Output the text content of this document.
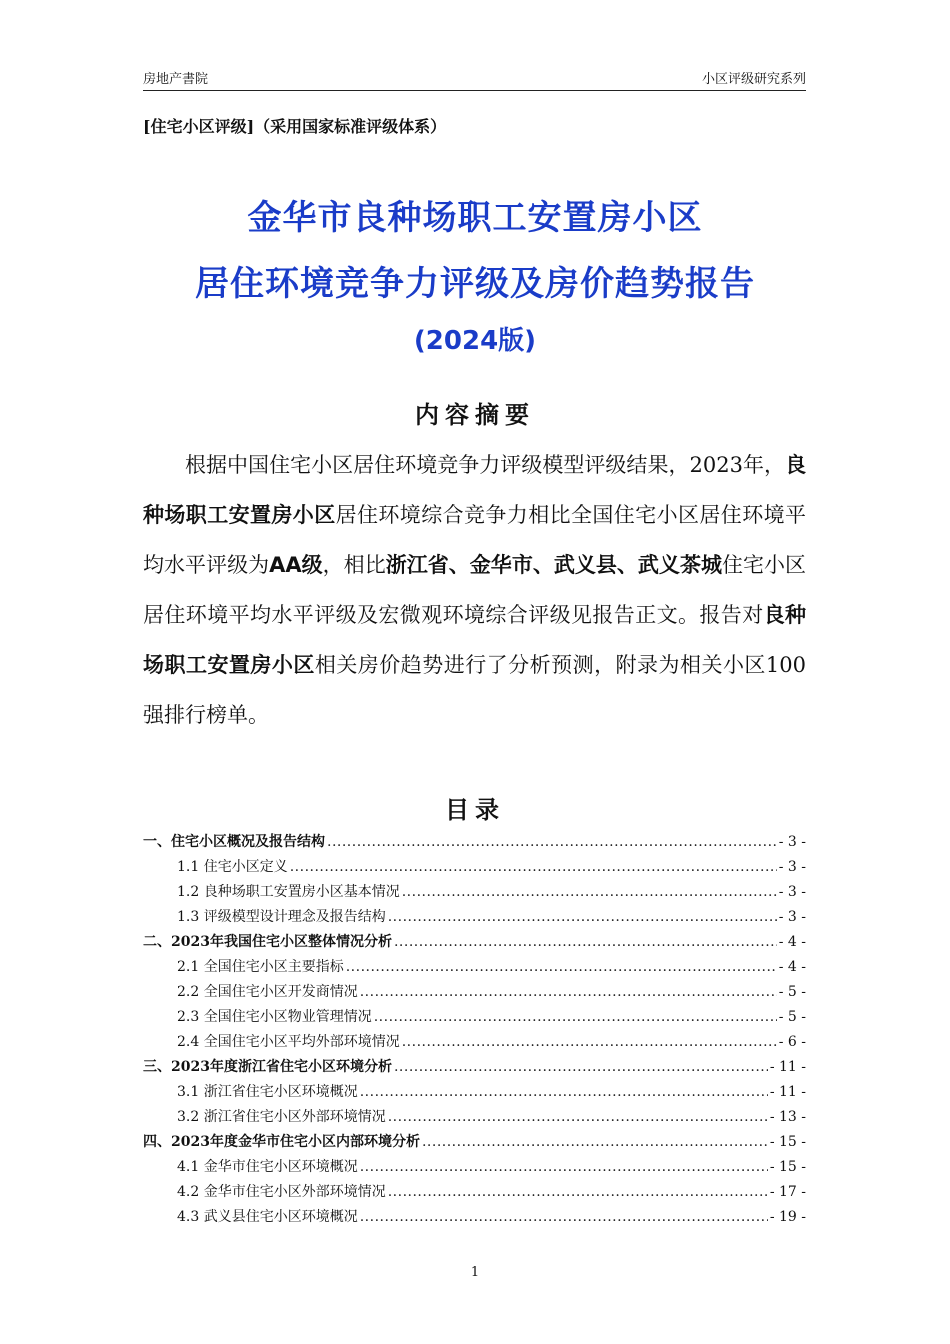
房地产書院	小区评级研究系列
[住宅小区评级]（采用国家标准评级体系）
金华市良种场职工安置房小区
居住环境竞争力评级及房价趋势报告
(2024版)
内容摘要
根据中国住宅小区居住环境竞争力评级模型评级结果，2023年，良种场职工安置房小区居住环境综合竞争力相比全国住宅小区居住环境平均水平评级为AA级，相比浙江省、金华市、武义县、武义茶城住宅小区居住环境平均水平评级及宏微观环境综合评级见报告正文。报告对良种场职工安置房小区相关房价趋势进行了分析预测，附录为相关小区100强排行榜单。
目录
一、住宅小区概况及报告结构 .....	- 3 -
1.1 住宅小区定义 .....	- 3 -
1.2 良种场职工安置房小区基本情况 .....	- 3 -
1.3 评级模型设计理念及报告结构 .....	- 3 -
二、2023年我国住宅小区整体情况分析 .....	- 4 -
2.1 全国住宅小区主要指标 .....	- 4 -
2.2 全国住宅小区开发商情况 .....	- 5 -
2.3 全国住宅小区物业管理情况 .....	- 5 -
2.4 全国住宅小区平均外部环境情况 .....	- 6 -
三、2023年度浙江省住宅小区环境分析 .....	- 11 -
3.1 浙江省住宅小区环境概况 .....	- 11 -
3.2 浙江省住宅小区外部环境情况 .....	- 13 -
四、2023年度金华市住宅小区内部环境分析 .....	- 15 -
4.1 金华市住宅小区环境概况 .....	- 15 -
4.2 金华市住宅小区外部环境情况 .....	- 17 -
4.3 武义县住宅小区环境概况 .....	- 19 -
1
